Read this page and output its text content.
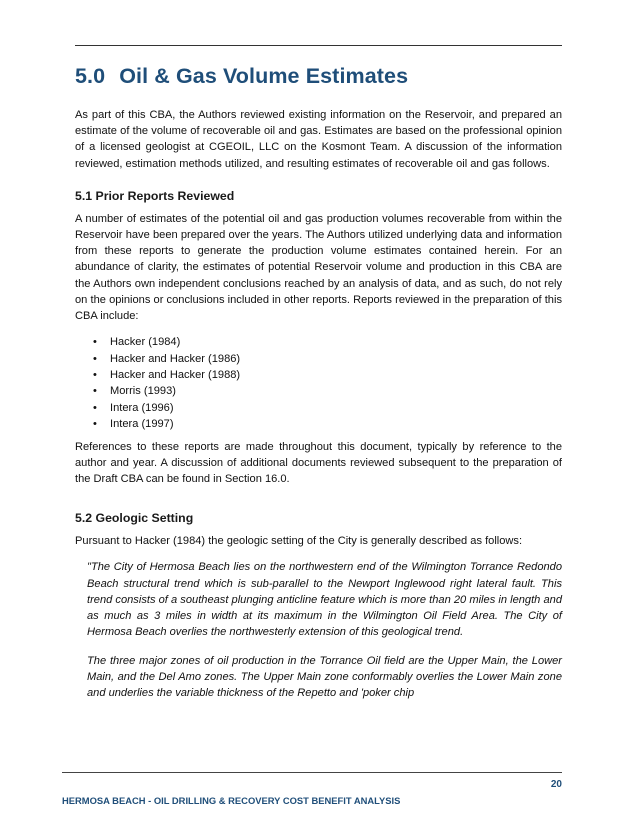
5.0 Oil & Gas Volume Estimates

As part of this CBA, the Authors reviewed existing information on the Reservoir, and prepared an estimate of the volume of recoverable oil and gas. Estimates are based on the professional opinion of a licensed geologist at CGEOIL, LLC on the Kosmont Team. A discussion of the information reviewed, estimation methods utilized, and resulting estimates of recoverable oil and gas follows.

5.1 Prior Reports Reviewed

A number of estimates of the potential oil and gas production volumes recoverable from within the Reservoir have been prepared over the years. The Authors utilized underlying data and information from these reports to generate the production volume estimates contained herein. For an abundance of clarity, the estimates of potential Reservoir volume and production in this CBA are the Authors own independent conclusions reached by an analysis of data, and as such, do not rely on the opinions or conclusions included in other reports. Reports reviewed in the preparation of this CBA include:

• Hacker (1984)
• Hacker and Hacker (1986)
• Hacker and Hacker (1988)
• Morris (1993)
• Intera (1996)
• Intera (1997)

References to these reports are made throughout this document, typically by reference to the author and year. A discussion of additional documents reviewed subsequent to the preparation of the Draft CBA can be found in Section 16.0.

5.2 Geologic Setting

Pursuant to Hacker (1984) the geologic setting of the City is generally described as follows:

"The City of Hermosa Beach lies on the northwestern end of the Wilmington Torrance Redondo Beach structural trend which is sub-parallel to the Newport Inglewood right lateral fault. This trend consists of a southeast plunging anticline feature which is more than 20 miles in length and as much as 3 miles in width at its maximum in the Wilmington Oil Field Area. The City of Hermosa Beach overlies the northwesterly extension of this geological trend.

The three major zones of oil production in the Torrance Oil field are the Upper Main, the Lower Main, and the Del Amo zones. The Upper Main zone conformably overlies the Lower Main zone and underlies the variable thickness of the Repetto and 'poker chip

20
HERMOSA BEACH - OIL DRILLING & RECOVERY COST BENEFIT ANALYSIS
